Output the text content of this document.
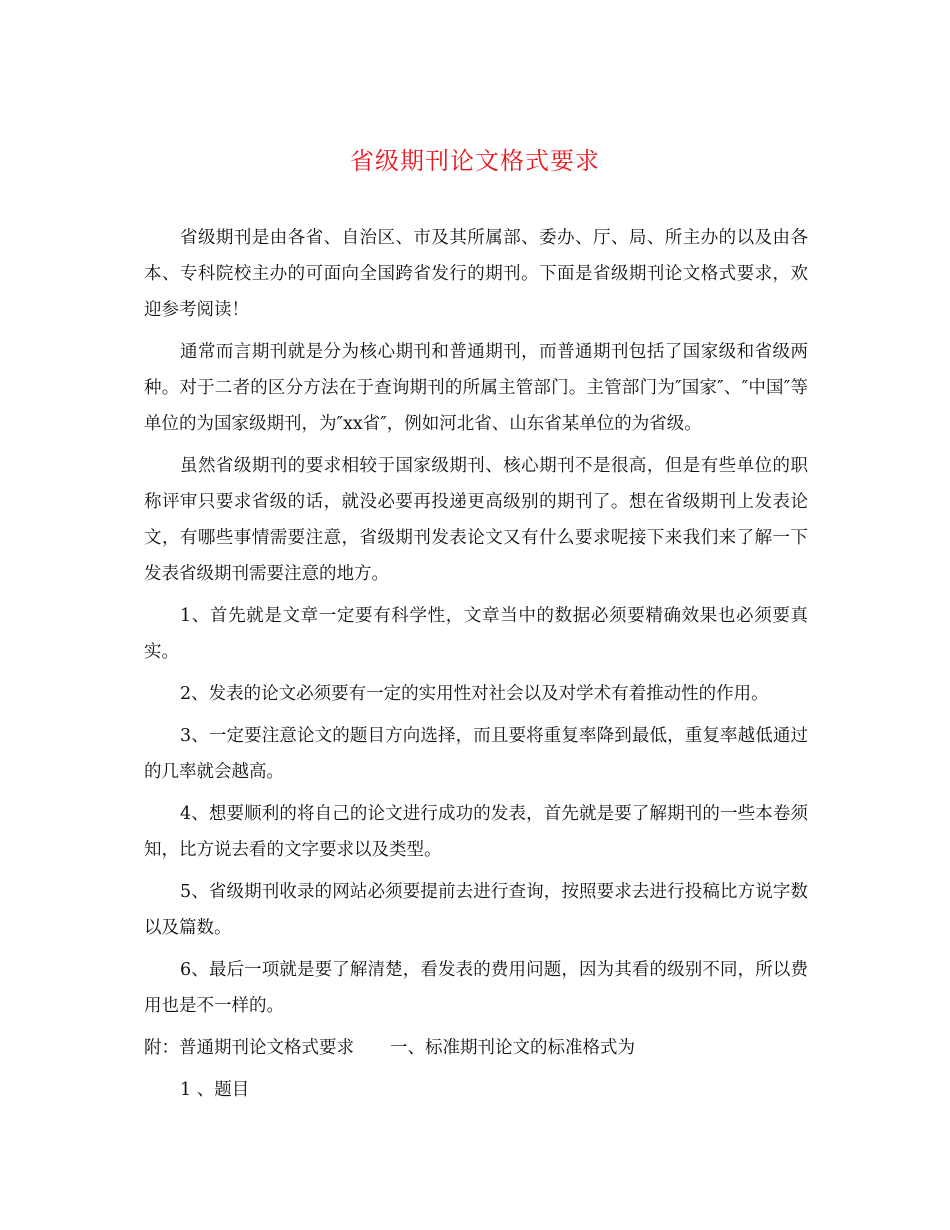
省级期刊论文格式要求

省级期刊是由各省、自治区、市及其所属部、委办、厅、局、所主办的以及由各本、专科院校主办的可面向全国跨省发行的期刊。下面是省级期刊论文格式要求，欢迎参考阅读！

通常而言期刊就是分为核心期刊和普通期刊，而普通期刊包括了国家级和省级两种。对于二者的区分方法在于查询期刊的所属主管部门。主管部门为″国家″、″中国″等单位的为国家级期刊，为″xx省″，例如河北省、山东省某单位的为省级。

虽然省级期刊的要求相较于国家级期刊、核心期刊不是很高，但是有些单位的职称评审只要求省级的话，就没必要再投递更高级别的期刊了。想在省级期刊上发表论文，有哪些事情需要注意，省级期刊发表论文又有什么要求呢接下来我们来了解一下发表省级期刊需要注意的地方。

1、首先就是文章一定要有科学性，文章当中的数据必须要精确效果也必须要真实。

2、发表的论文必须要有一定的实用性对社会以及对学术有着推动性的作用。

3、一定要注意论文的题目方向选择，而且要将重复率降到最低，重复率越低通过的几率就会越高。

4、想要顺利的将自己的论文进行成功的发表，首先就是要了解期刊的一些本卷须知，比方说去看的文字要求以及类型。

5、省级期刊收录的网站必须要提前去进行查询，按照要求去进行投稿比方说字数以及篇数。

6、最后一项就是要了解清楚，看发表的费用问题，因为其看的级别不同，所以费用也是不一样的。

附：普通期刊论文格式要求 一、标准期刊论文的标准格式为

1 、题目
